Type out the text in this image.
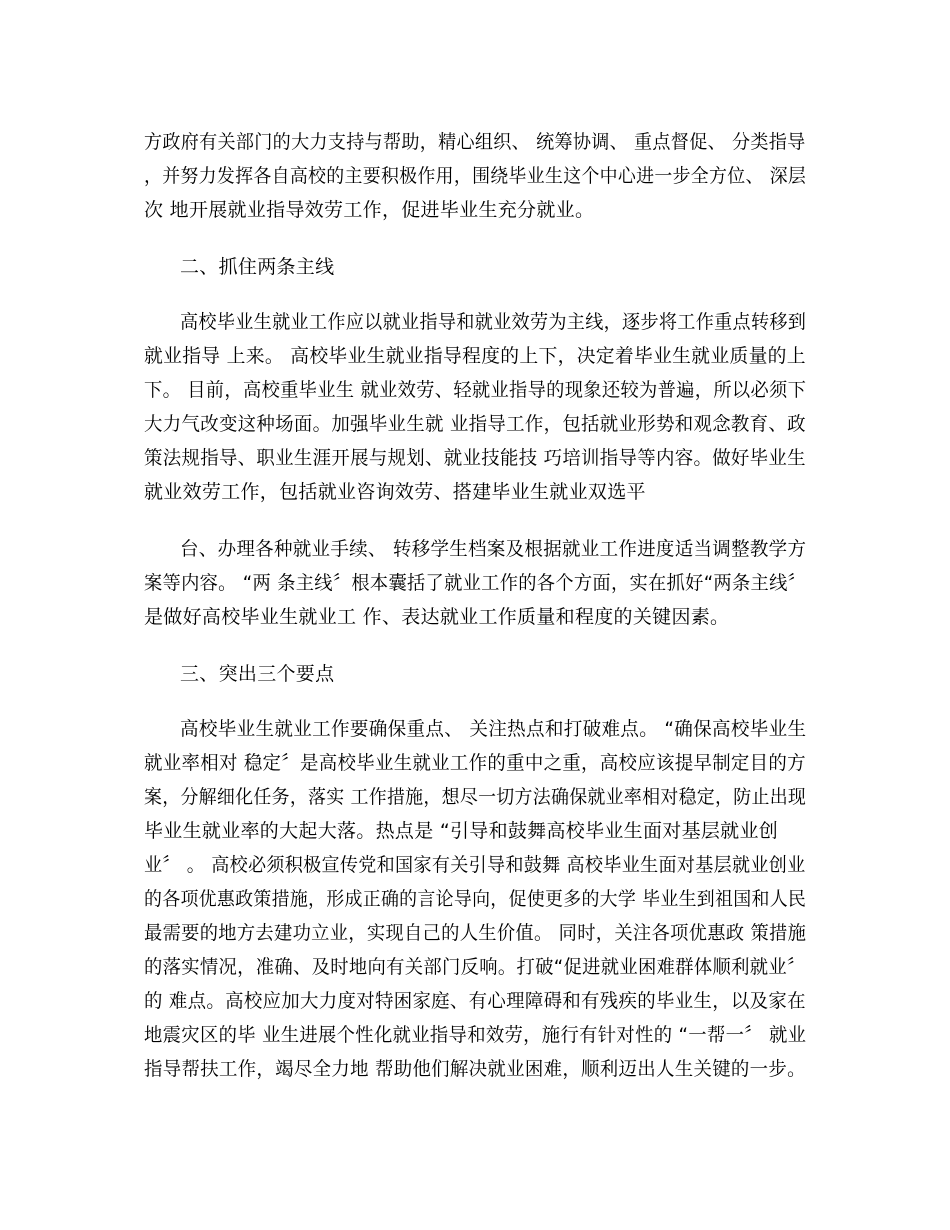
方政府有关部门的大力支持与帮助，精心组织、 统筹协调、 重点督促、 分类指导
，并努力发挥各自高校的主要积极作用，围绕毕业生这个中心进一步全方位、 深层
次 地开展就业指导效劳工作，促进毕业生充分就业。
二、抓住两条主线
高校毕业生就业工作应以就业指导和就业效劳为主线，逐步将工作重点转移到
就业指导 上来。 高校毕业生就业指导程度的上下，决定着毕业生就业质量的上
下。 目前，高校重毕业生 就业效劳、轻就业指导的现象还较为普遍，所以必须下
大力气改变这种场面。加强毕业生就 业指导工作，包括就业形势和观念教育、政
策法规指导、职业生涯开展与规划、就业技能技 巧培训指导等内容。做好毕业生
就业效劳工作，包括就业咨询效劳、搭建毕业生就业双选平
台、办理各种就业手续、 转移学生档案及根据就业工作进度适当调整教学方
案等内容。 “两 条主线〞根本囊括了就业工作的各个方面，实在抓好“两条主线〞
是做好高校毕业生就业工 作、表达就业工作质量和程度的关键因素。
三、突出三个要点
高校毕业生就业工作要确保重点、 关注热点和打破难点。 “确保高校毕业生
就业率相对 稳定〞是高校毕业生就业工作的重中之重，高校应该提早制定目的方
案，分解细化任务，落实 工作措施，想尽一切方法确保就业率相对稳定，防止出现
毕业生就业率的大起大落。热点是 “引导和鼓舞高校毕业生面对基层就业创
业〞 。 高校必须积极宣传党和国家有关引导和鼓舞 高校毕业生面对基层就业创业
的各项优惠政策措施，形成正确的言论导向，促使更多的大学 毕业生到祖国和人民
最需要的地方去建功立业，实现自己的人生价值。 同时，关注各项优惠政 策措施
的落实情况，准确、及时地向有关部门反响。打破“促进就业困难群体顺利就业〞
的 难点。高校应加大力度对特困家庭、有心理障碍和有残疾的毕业生，以及家在
地震灾区的毕 业生进展个性化就业指导和效劳，施行有针对性的 “一帮一〞 就业
指导帮扶工作，竭尽全力地 帮助他们解决就业困难，顺利迈出人生关键的一步。
